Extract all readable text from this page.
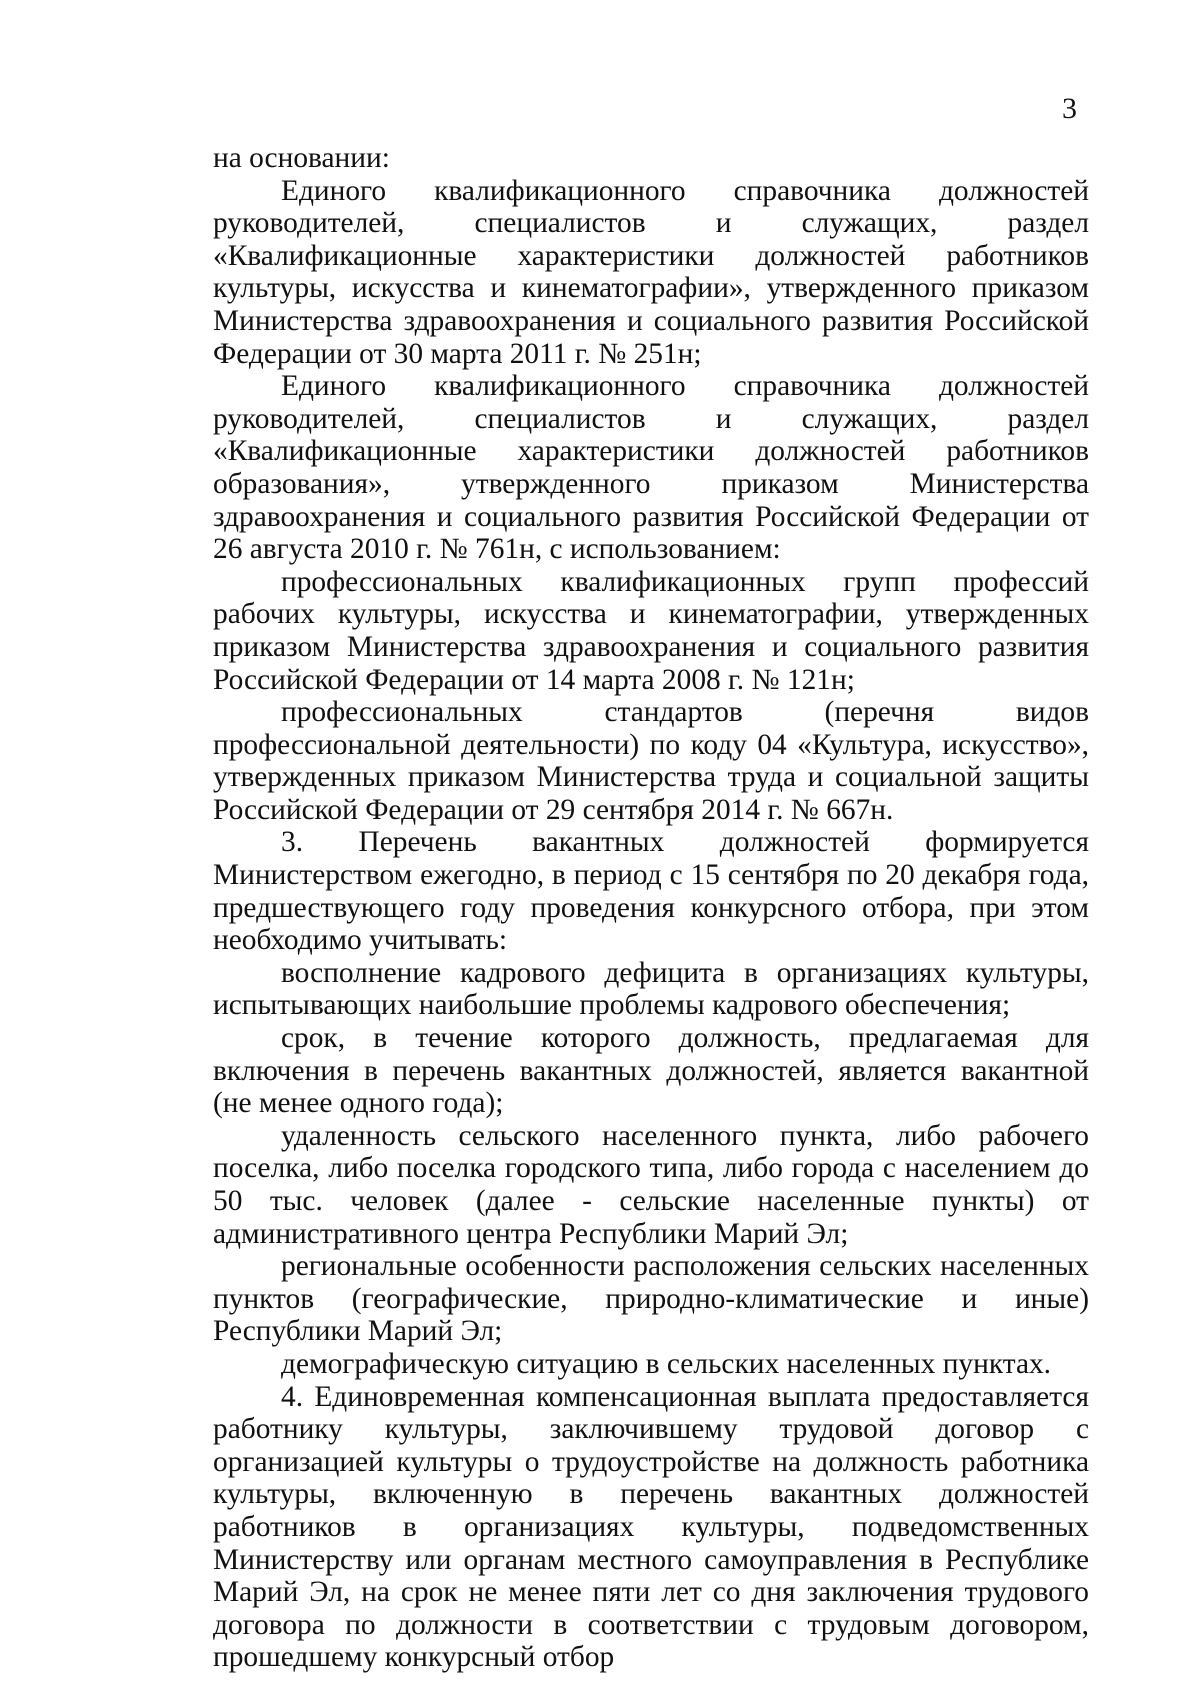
3

на основании:

Единого квалификационного справочника должностей руководителей, специалистов и служащих, раздел «Квалификационные характеристики должностей работников культуры, искусства и кинематографии», утвержденного приказом Министерства здравоохранения и социального развития Российской Федерации от 30 марта 2011 г. № 251н;

Единого квалификационного справочника должностей руководителей, специалистов и служащих, раздел «Квалификационные характеристики должностей работников образования», утвержденного приказом Министерства здравоохранения и социального развития Российской Федерации от 26 августа 2010 г. № 761н, с использованием:

профессиональных квалификационных групп профессий рабочих культуры, искусства и кинематографии, утвержденных приказом Министерства здравоохранения и социального развития Российской Федерации от 14 марта 2008 г. № 121н;

профессиональных стандартов (перечня видов профессиональной деятельности) по коду 04 «Культура, искусство», утвержденных приказом Министерства труда и социальной защиты Российской Федерации от 29 сентября 2014 г. № 667н.

3. Перечень вакантных должностей формируется Министерством ежегодно, в период с 15 сентября по 20 декабря года, предшествующего году проведения конкурсного отбора, при этом необходимо учитывать:

восполнение кадрового дефицита в организациях культуры, испытывающих наибольшие проблемы кадрового обеспечения;

срок, в течение которого должность, предлагаемая для включения в перечень вакантных должностей, является вакантной (не менее одного года);

удаленность сельского населенного пункта, либо рабочего поселка, либо поселка городского типа, либо города с населением до 50 тыс. человек (далее - сельские населенные пункты) от административного центра Республики Марий Эл;

региональные особенности расположения сельских населенных пунктов (географические, природно-климатические и иные) Республики Марий Эл;

демографическую ситуацию в сельских населенных пунктах.

4. Единовременная компенсационная выплата предоставляется работнику культуры, заключившему трудовой договор с организацией культуры о трудоустройстве на должность работника культуры, включенную в перечень вакантных должностей работников в организациях культуры, подведомственных Министерству или органам местного самоуправления в Республике Марий Эл, на срок не менее пяти лет со дня заключения трудового договора по должности в соответствии с трудовым договором, прошедшему конкурсный отбор
